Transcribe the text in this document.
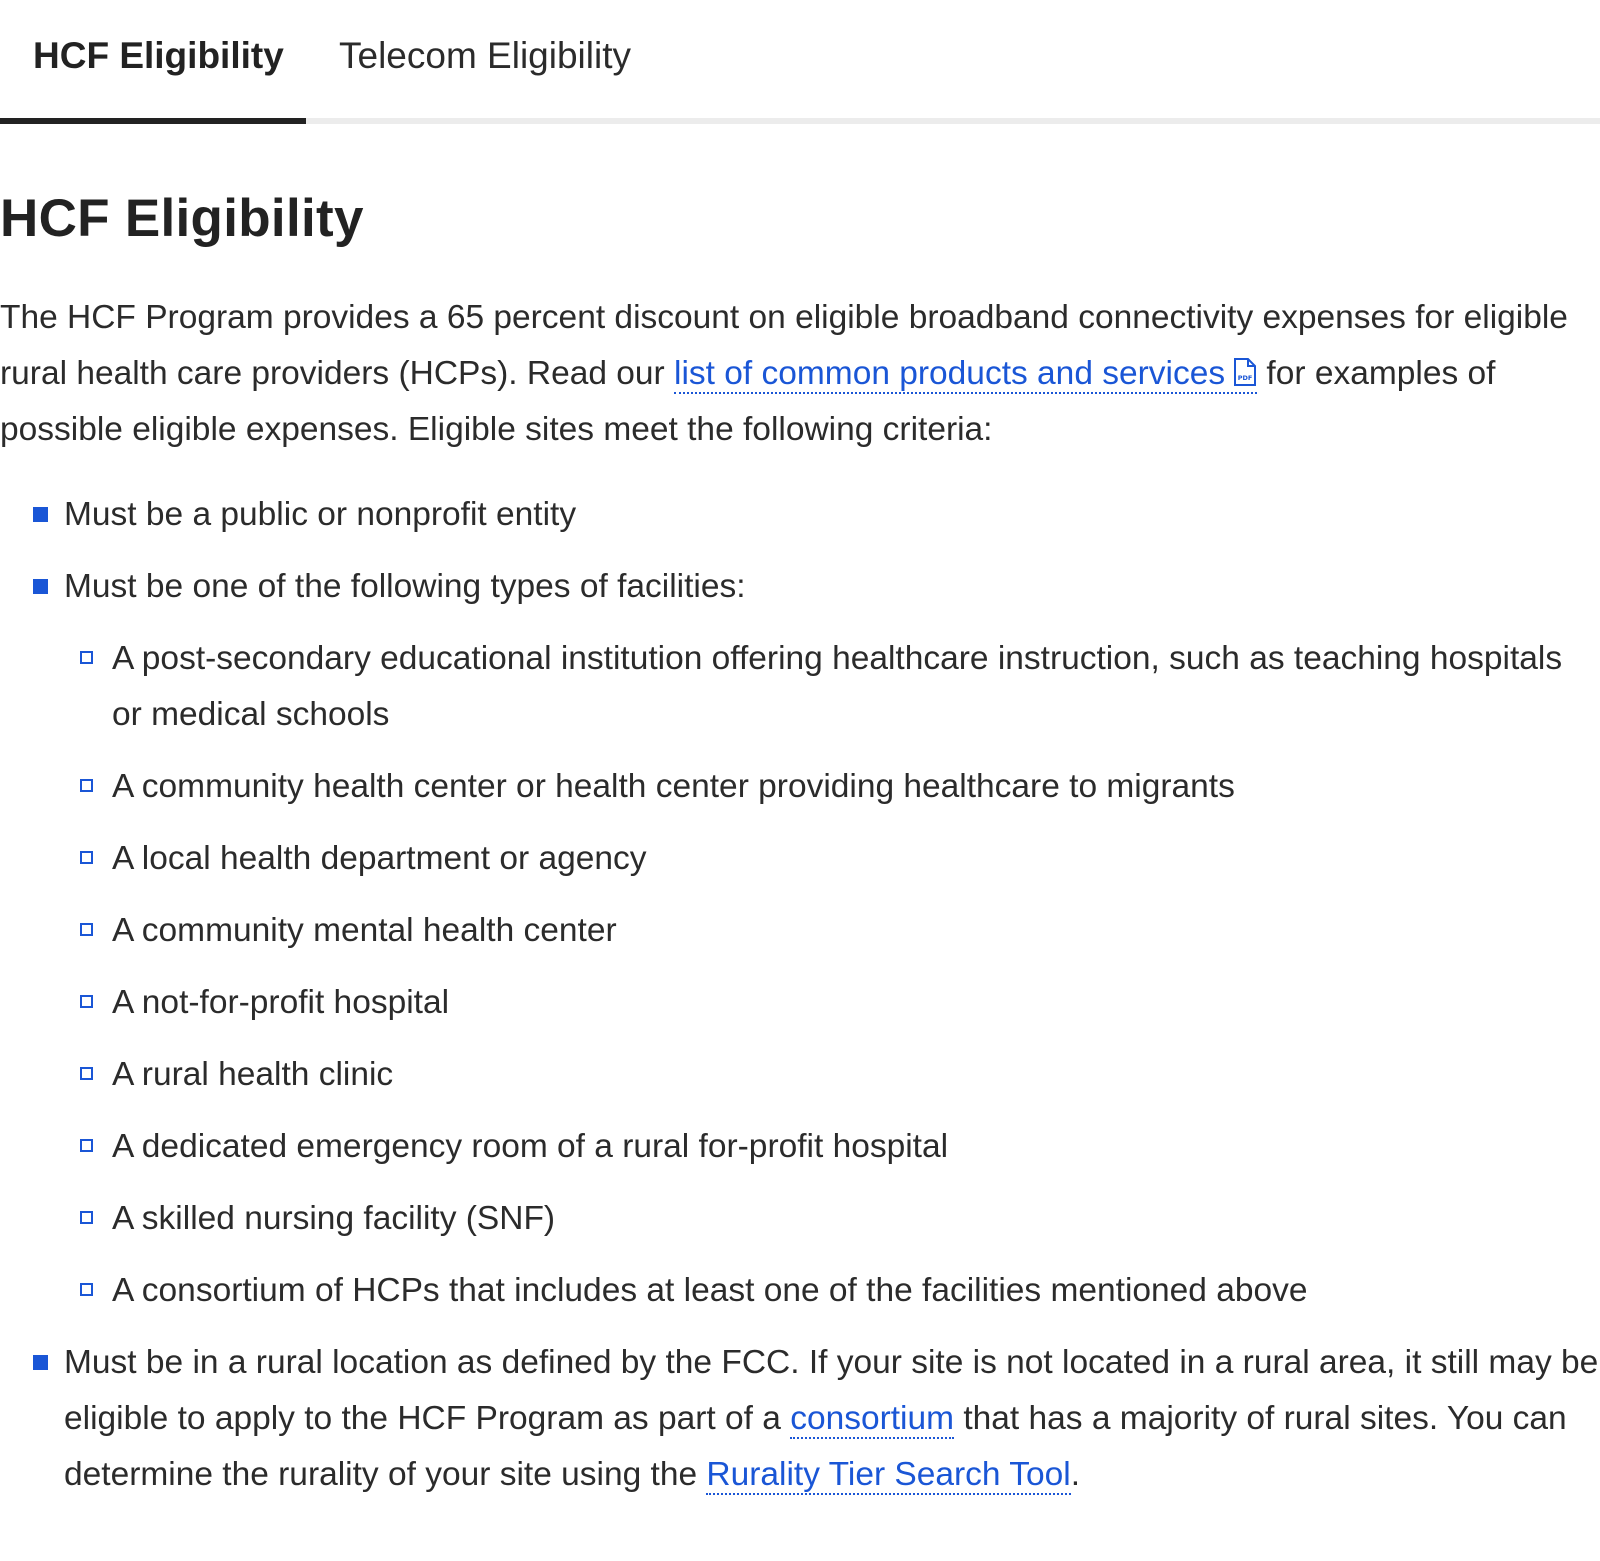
HCF Eligibility	Telecom Eligibility
HCF Eligibility

The HCF Program provides a 65 percent discount on eligible broadband connectivity expenses for eligible rural health care providers (HCPs). Read our list of common products and services PDF for examples of possible eligible expenses. Eligible sites meet the following criteria:

Must be a public or nonprofit entity
Must be one of the following types of facilities:
A post-secondary educational institution offering healthcare instruction, such as teaching hospitals or medical schools
A community health center or health center providing healthcare to migrants
A local health department or agency
A community mental health center
A not-for-profit hospital
A rural health clinic
A dedicated emergency room of a rural for-profit hospital
A skilled nursing facility (SNF)
A consortium of HCPs that includes at least one of the facilities mentioned above
Must be in a rural location as defined by the FCC. If your site is not located in a rural area, it still may be eligible to apply to the HCF Program as part of a consortium that has a majority of rural sites. You can determine the rurality of your site using the Rurality Tier Search Tool.
